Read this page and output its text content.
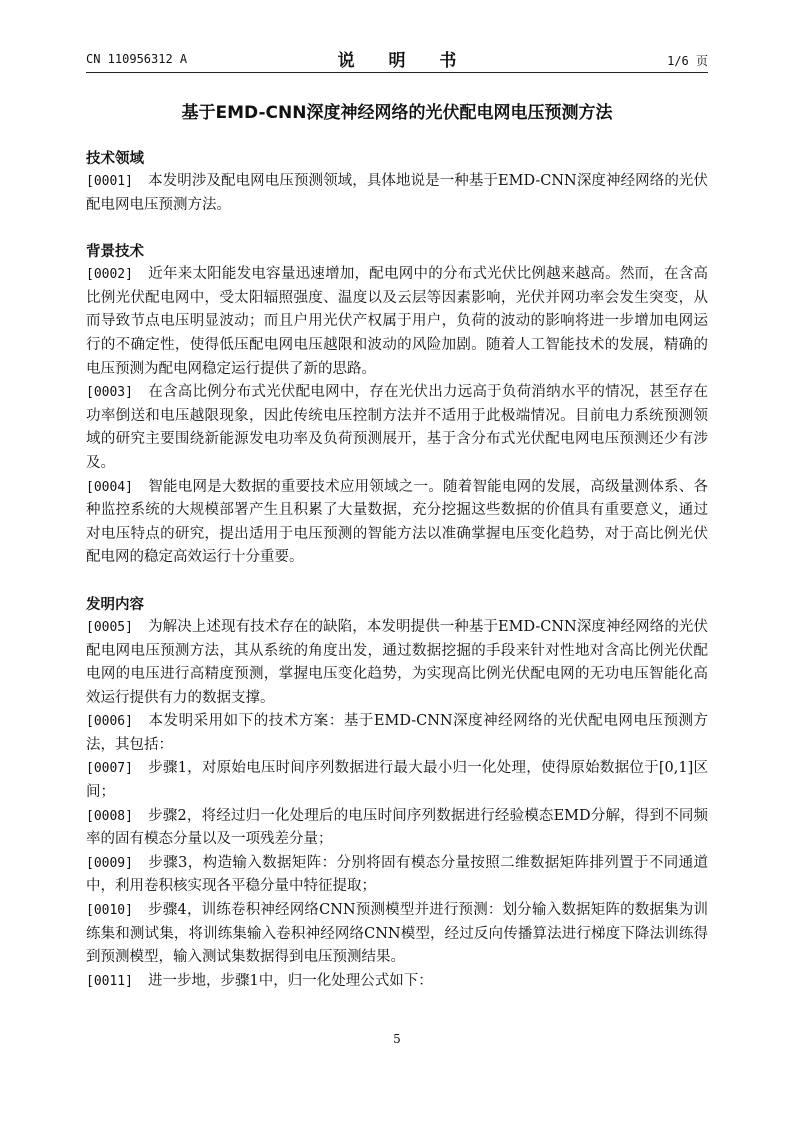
CN 110956312 A	说 明 书	1/6 页
基于EMD-CNN深度神经网络的光伏配电网电压预测方法
技术领域
[0001] 本发明涉及配电网电压预测领域，具体地说是一种基于EMD-CNN深度神经网络的光伏配电网电压预测方法。
背景技术
[0002] 近年来太阳能发电容量迅速增加，配电网中的分布式光伏比例越来越高。然而，在含高比例光伏配电网中，受太阳辐照强度、温度以及云层等因素影响，光伏并网功率会发生突变，从而导致节点电压明显波动；而且户用光伏产权属于用户，负荷的波动的影响将进一步增加电网运行的不确定性，使得低压配电网电压越限和波动的风险加剧。随着人工智能技术的发展，精确的电压预测为配电网稳定运行提供了新的思路。
[0003] 在含高比例分布式光伏配电网中，存在光伏出力远高于负荷消纳水平的情况，甚至存在功率倒送和电压越限现象，因此传统电压控制方法并不适用于此极端情况。目前电力系统预测领域的研究主要围绕新能源发电功率及负荷预测展开，基于含分布式光伏配电网电压预测还少有涉及。
[0004] 智能电网是大数据的重要技术应用领域之一。随着智能电网的发展，高级量测体系、各种监控系统的大规模部署产生且积累了大量数据，充分挖掘这些数据的价值具有重要意义，通过对电压特点的研究，提出适用于电压预测的智能方法以准确掌握电压变化趋势，对于高比例光伏配电网的稳定高效运行十分重要。
发明内容
[0005] 为解决上述现有技术存在的缺陷，本发明提供一种基于EMD-CNN深度神经网络的光伏配电网电压预测方法，其从系统的角度出发，通过数据挖掘的手段来针对性地对含高比例光伏配电网的电压进行高精度预测，掌握电压变化趋势，为实现高比例光伏配电网的无功电压智能化高效运行提供有力的数据支撑。
[0006] 本发明采用如下的技术方案：基于EMD-CNN深度神经网络的光伏配电网电压预测方法，其包括：
[0007] 步骤1，对原始电压时间序列数据进行最大最小归一化处理，使得原始数据位于[0,1]区间；
[0008] 步骤2，将经过归一化处理后的电压时间序列数据进行经验模态EMD分解，得到不同频率的固有模态分量以及一项残差分量；
[0009] 步骤3，构造输入数据矩阵：分别将固有模态分量按照二维数据矩阵排列置于不同通道中，利用卷积核实现各平稳分量中特征提取；
[0010] 步骤4，训练卷积神经网络CNN预测模型并进行预测：划分输入数据矩阵的数据集为训练集和测试集，将训练集输入卷积神经网络CNN模型，经过反向传播算法进行梯度下降法训练得到预测模型，输入测试集数据得到电压预测结果。
[0011] 进一步地，步骤1中，归一化处理公式如下：
5
